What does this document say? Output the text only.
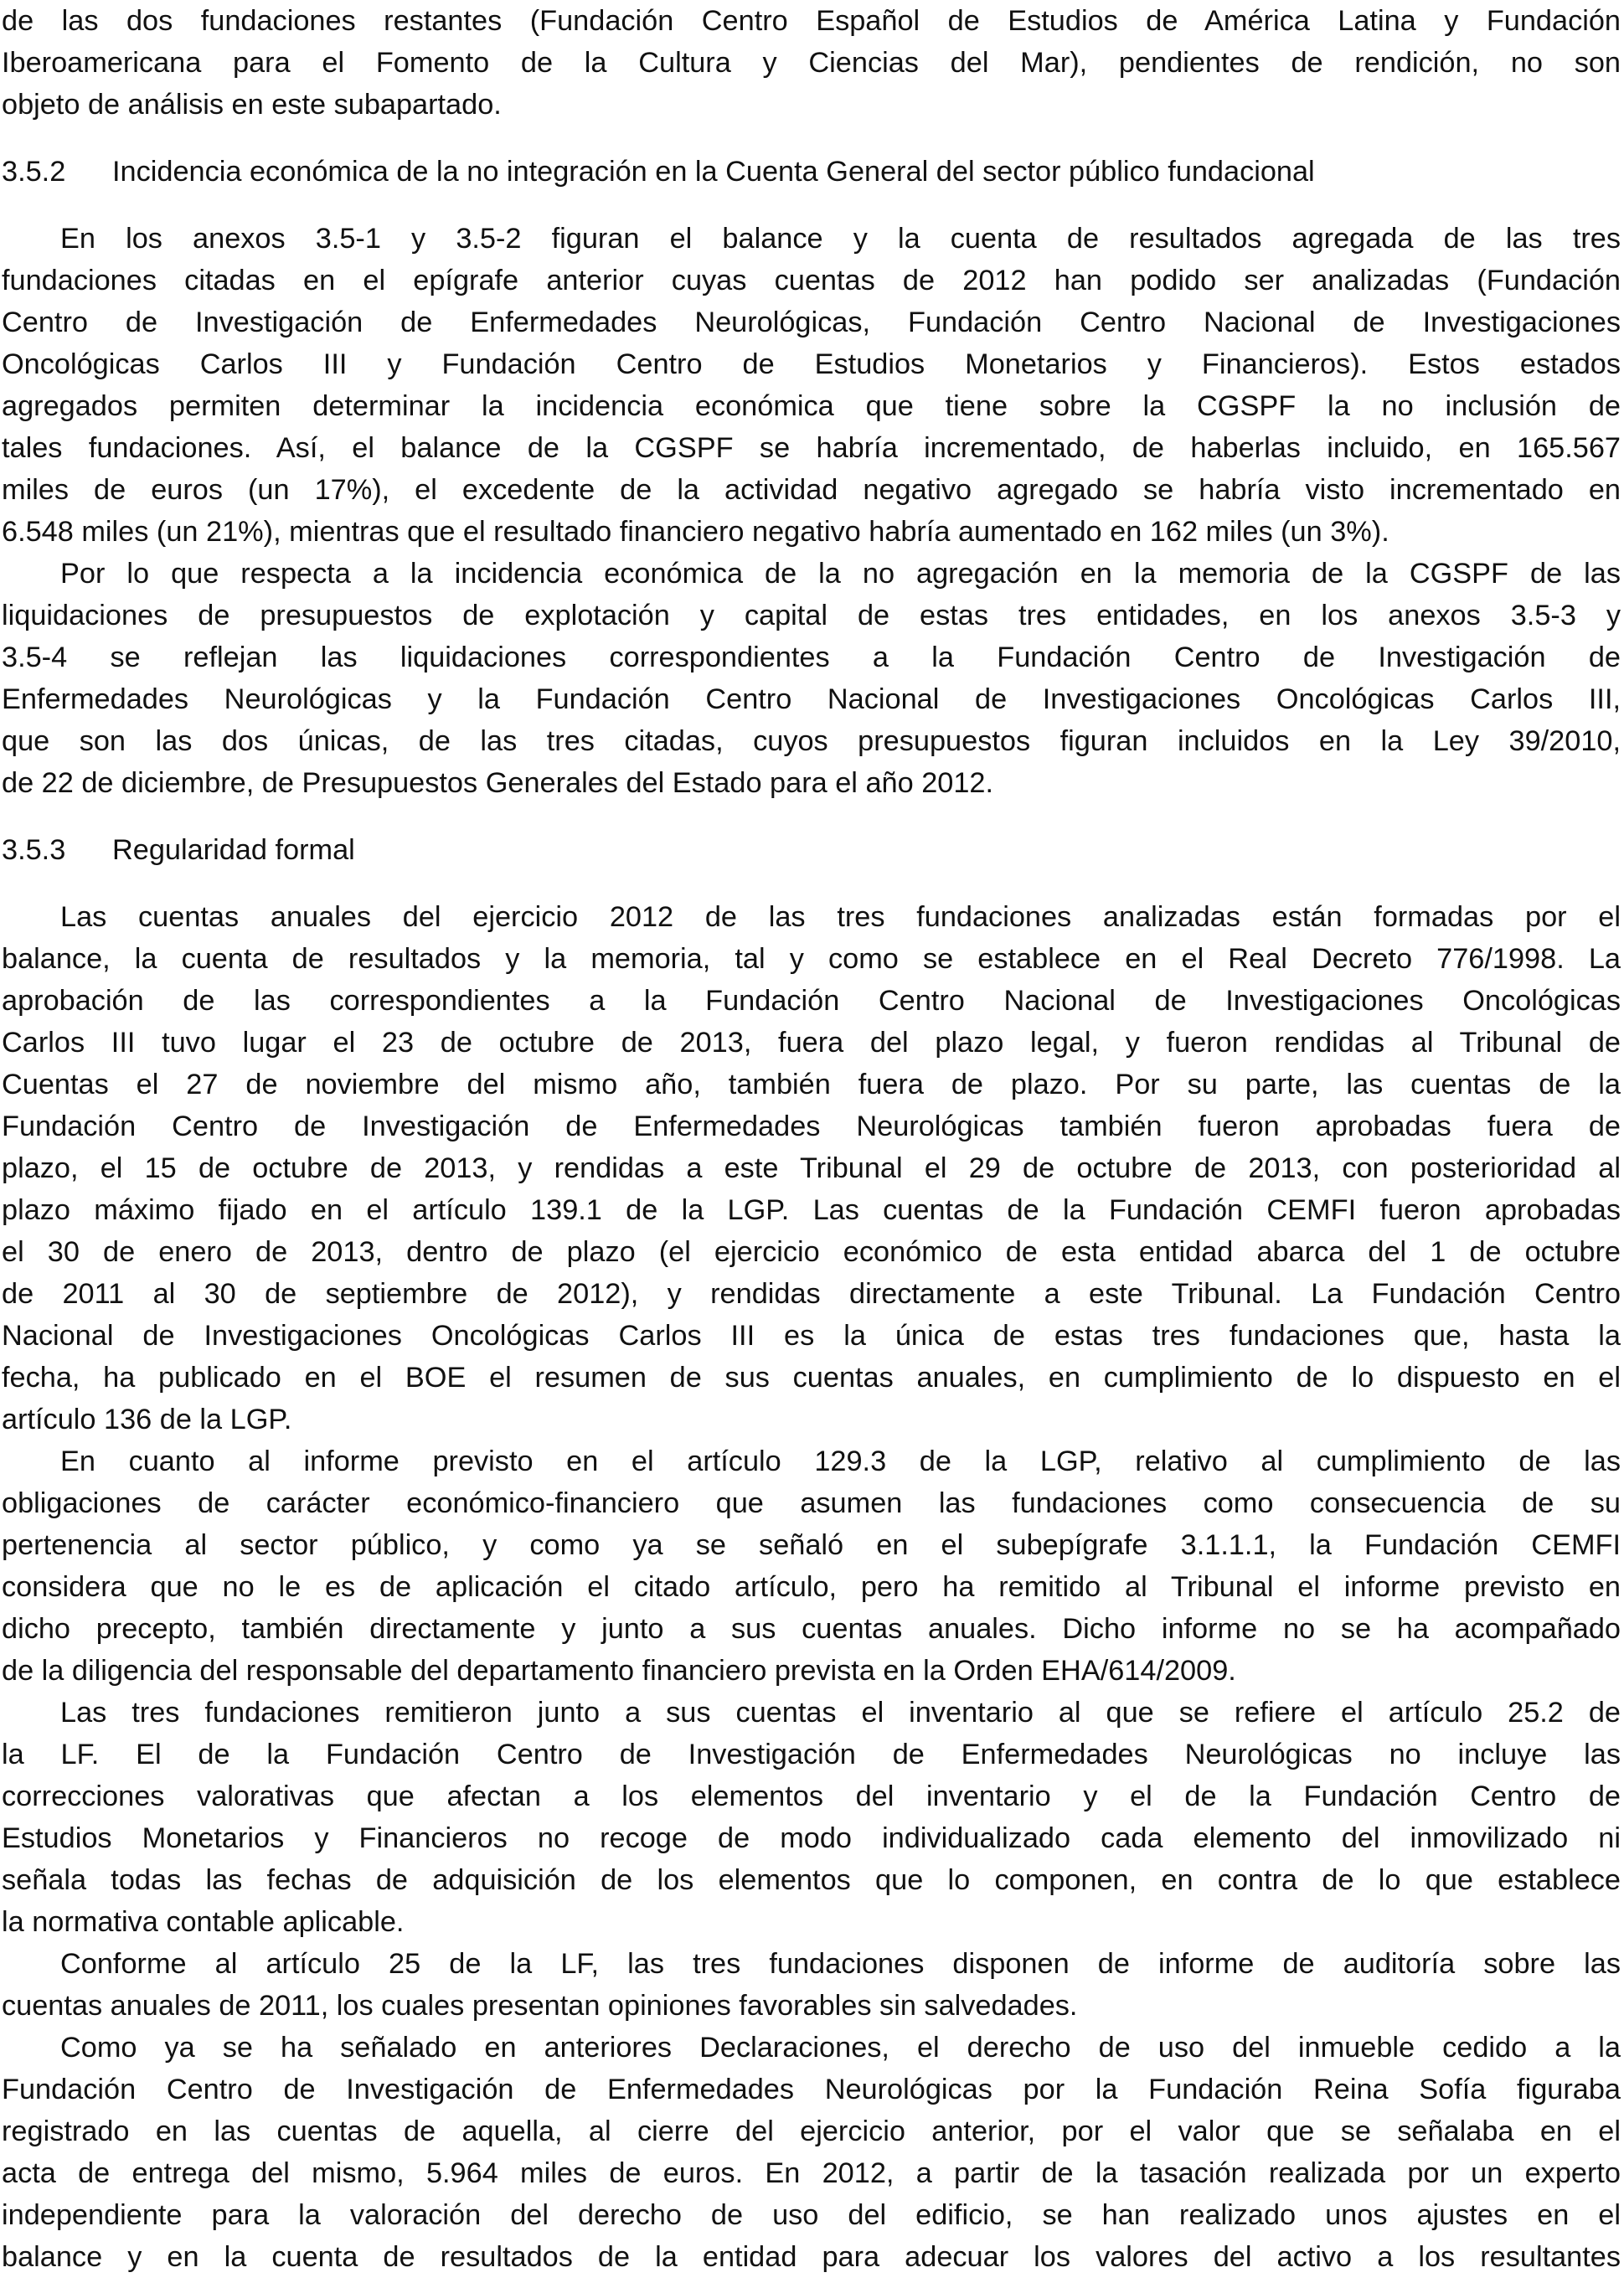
de las dos fundaciones restantes (Fundación Centro Español de Estudios de América Latina y Fundación
Iberoamericana para el Fomento de la Cultura y Ciencias del Mar), pendientes de rendición, no son
objeto de análisis en este subapartado.
3.5.2 Incidencia económica de la no integración en la Cuenta General del sector público fundacional
En los anexos 3.5-1 y 3.5-2 figuran el balance y la cuenta de resultados agregada de las tres
fundaciones citadas en el epígrafe anterior cuyas cuentas de 2012 han podido ser analizadas (Fundación
Centro de Investigación de Enfermedades Neurológicas, Fundación Centro Nacional de Investigaciones
Oncológicas Carlos III y Fundación Centro de Estudios Monetarios y Financieros). Estos estados
agregados permiten determinar la incidencia económica que tiene sobre la CGSPF la no inclusión de
tales fundaciones. Así, el balance de la CGSPF se habría incrementado, de haberlas incluido, en 165.567
miles de euros (un 17%), el excedente de la actividad negativo agregado se habría visto incrementado en
6.548 miles (un 21%), mientras que el resultado financiero negativo habría aumentado en 162 miles (un 3%).
Por lo que respecta a la incidencia económica de la no agregación en la memoria de la CGSPF de las
liquidaciones de presupuestos de explotación y capital de estas tres entidades, en los anexos 3.5-3 y
3.5-4 se reflejan las liquidaciones correspondientes a la Fundación Centro de Investigación de
Enfermedades Neurológicas y la Fundación Centro Nacional de Investigaciones Oncológicas Carlos III,
que son las dos únicas, de las tres citadas, cuyos presupuestos figuran incluidos en la Ley 39/2010,
de 22 de diciembre, de Presupuestos Generales del Estado para el año 2012.
3.5.3 Regularidad formal
Las cuentas anuales del ejercicio 2012 de las tres fundaciones analizadas están formadas por el
balance, la cuenta de resultados y la memoria, tal y como se establece en el Real Decreto 776/1998. La
aprobación de las correspondientes a la Fundación Centro Nacional de Investigaciones Oncológicas
Carlos III tuvo lugar el 23 de octubre de 2013, fuera del plazo legal, y fueron rendidas al Tribunal de
Cuentas el 27 de noviembre del mismo año, también fuera de plazo. Por su parte, las cuentas de la
Fundación Centro de Investigación de Enfermedades Neurológicas también fueron aprobadas fuera de
plazo, el 15 de octubre de 2013, y rendidas a este Tribunal el 29 de octubre de 2013, con posterioridad al
plazo máximo fijado en el artículo 139.1 de la LGP. Las cuentas de la Fundación CEMFI fueron aprobadas
el 30 de enero de 2013, dentro de plazo (el ejercicio económico de esta entidad abarca del 1 de octubre
de 2011 al 30 de septiembre de 2012), y rendidas directamente a este Tribunal. La Fundación Centro
Nacional de Investigaciones Oncológicas Carlos III es la única de estas tres fundaciones que, hasta la
fecha, ha publicado en el BOE el resumen de sus cuentas anuales, en cumplimiento de lo dispuesto en el
artículo 136 de la LGP.
En cuanto al informe previsto en el artículo 129.3 de la LGP, relativo al cumplimiento de las
obligaciones de carácter económico-financiero que asumen las fundaciones como consecuencia de su
pertenencia al sector público, y como ya se señaló en el subepígrafe 3.1.1.1, la Fundación CEMFI
considera que no le es de aplicación el citado artículo, pero ha remitido al Tribunal el informe previsto en
dicho precepto, también directamente y junto a sus cuentas anuales. Dicho informe no se ha acompañado
de la diligencia del responsable del departamento financiero prevista en la Orden EHA/614/2009.
Las tres fundaciones remitieron junto a sus cuentas el inventario al que se refiere el artículo 25.2 de
la LF. El de la Fundación Centro de Investigación de Enfermedades Neurológicas no incluye las
correcciones valorativas que afectan a los elementos del inventario y el de la Fundación Centro de
Estudios Monetarios y Financieros no recoge de modo individualizado cada elemento del inmovilizado ni
señala todas las fechas de adquisición de los elementos que lo componen, en contra de lo que establece
la normativa contable aplicable.
Conforme al artículo 25 de la LF, las tres fundaciones disponen de informe de auditoría sobre las
cuentas anuales de 2011, los cuales presentan opiniones favorables sin salvedades.
Como ya se ha señalado en anteriores Declaraciones, el derecho de uso del inmueble cedido a la
Fundación Centro de Investigación de Enfermedades Neurológicas por la Fundación Reina Sofía figuraba
registrado en las cuentas de aquella, al cierre del ejercicio anterior, por el valor que se señalaba en el
acta de entrega del mismo, 5.964 miles de euros. En 2012, a partir de la tasación realizada por un experto
independiente para la valoración del derecho de uso del edificio, se han realizado unos ajustes en el
balance y en la cuenta de resultados de la entidad para adecuar los valores del activo a los resultantes
